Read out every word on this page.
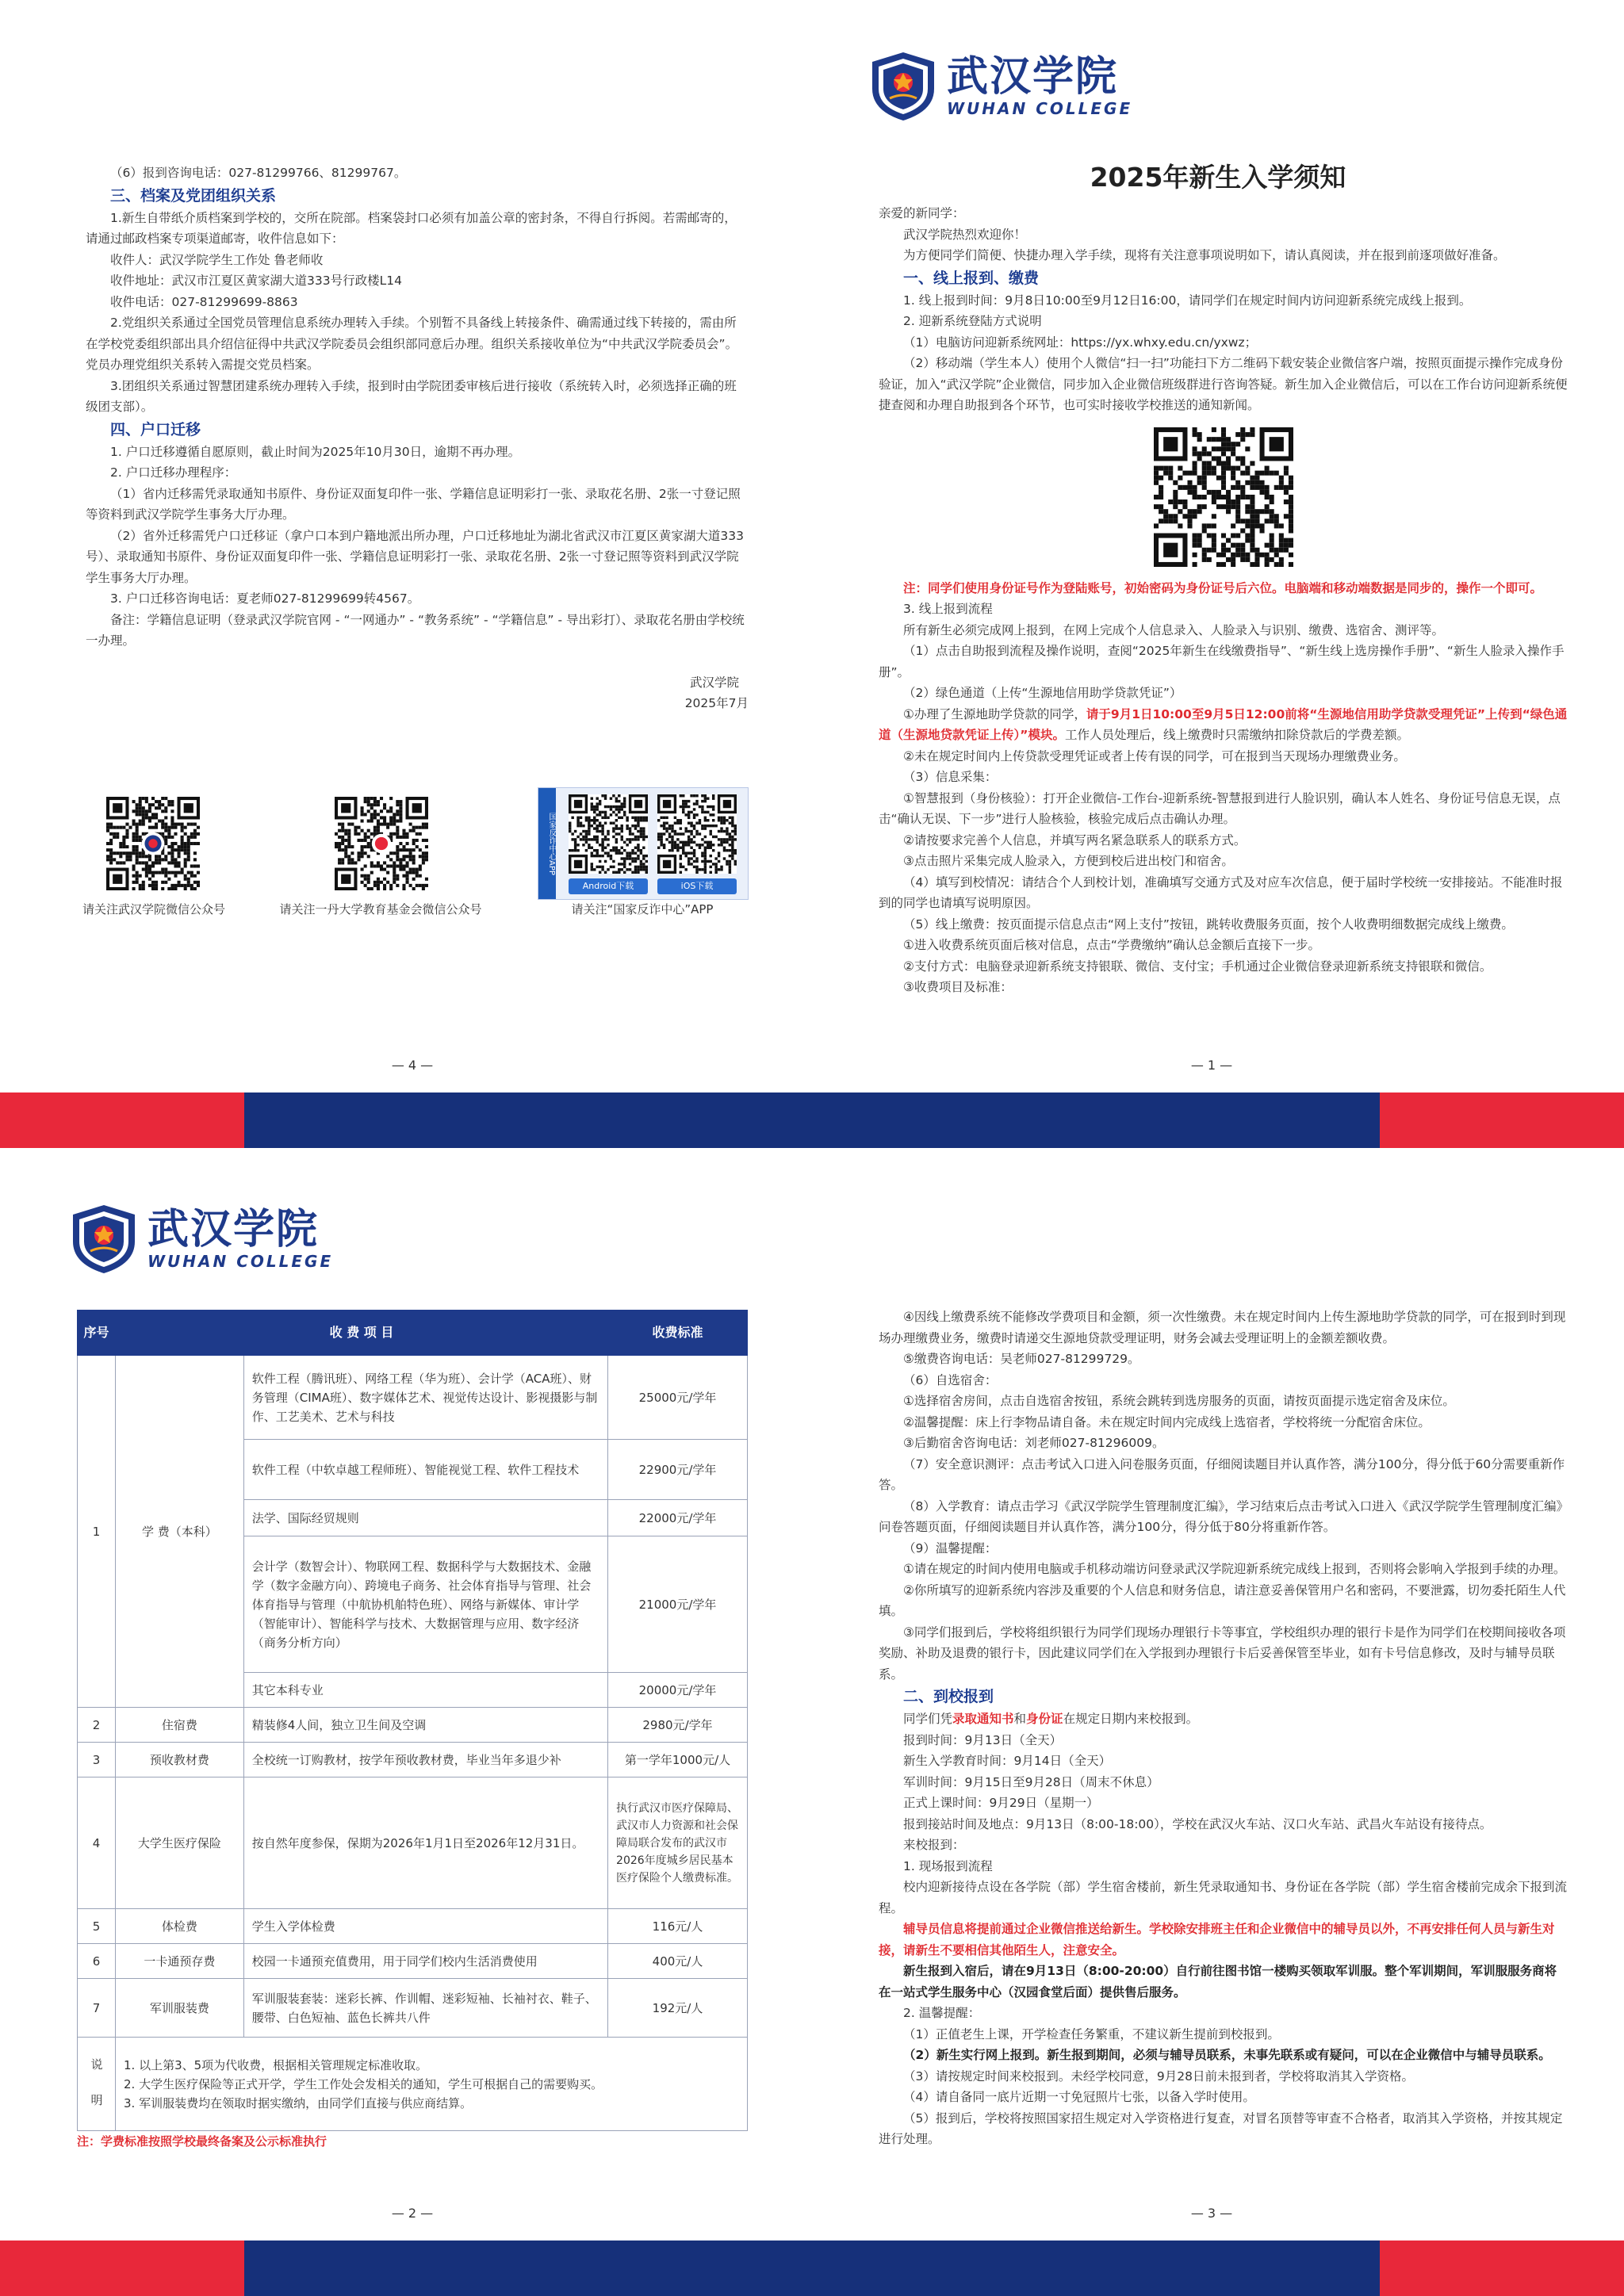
（6）报到咨询电话：027-81299766、81299767。

三、档案及党团组织关系

1.新生自带纸介质档案到学校的，交所在院部。档案袋封口必须有加盖公章的密封条，不得自行拆阅。若需邮寄的，请通过邮政档案专项渠道邮寄，收件信息如下：

收件人：武汉学院学生工作处 鲁老师收

收件地址：武汉市江夏区黄家湖大道333号行政楼L14

收件电话：027-81299699-8863

2.党组织关系通过全国党员管理信息系统办理转入手续。个别暂不具备线上转接条件、确需通过线下转接的，需由所在学校党委组织部出具介绍信征得中共武汉学院委员会组织部同意后办理。组织关系接收单位为“中共武汉学院委员会”。党员办理党组织关系转入需提交党员档案。

3.团组织关系通过智慧团建系统办理转入手续，报到时由学院团委审核后进行接收（系统转入时，必须选择正确的班级团支部）。

四、户口迁移

1. 户口迁移遵循自愿原则，截止时间为2025年10月30日，逾期不再办理。

2. 户口迁移办理程序：

（1）省内迁移需凭录取通知书原件、身份证双面复印件一张、学籍信息证明彩打一张、录取花名册、2张一寸登记照等资料到武汉学院学生事务大厅办理。

（2）省外迁移需凭户口迁移证（拿户口本到户籍地派出所办理，户口迁移地址为湖北省武汉市江夏区黄家湖大道333号）、录取通知书原件、身份证双面复印件一张、学籍信息证明彩打一张、录取花名册、2张一寸登记照等资料到武汉学院学生事务大厅办理。

3. 户口迁移咨询电话：夏老师027-81299699转4567。

备注：学籍信息证明（登录武汉学院官网 - “一网通办” - “教务系统” - “学籍信息” - 导出彩打）、录取花名册由学校统一办理。

武汉学院

2025年7月

请关注武汉学院微信公众号	请关注一丹大学教育基金会微信公众号
国家反诈中心APP
Android下载	iOS下载
请关注“国家反诈中心”APP
— 4 —
武汉学院
WUHAN COLLEGE
2025年新生入学须知

亲爱的新同学：

武汉学院热烈欢迎你！

为方便同学们简便、快捷办理入学手续，现将有关注意事项说明如下，请认真阅读，并在报到前逐项做好准备。

一、线上报到、缴费

1. 线上报到时间：9月8日10:00至9月12日16:00，请同学们在规定时间内访问迎新系统完成线上报到。

2. 迎新系统登陆方式说明

（1）电脑访问迎新系统网址：https://yx.whxy.edu.cn/yxwz；

（2）移动端（学生本人）使用个人微信“扫一扫”功能扫下方二维码下载安装企业微信客户端，按照页面提示操作完成身份验证，加入“武汉学院”企业微信，同步加入企业微信班级群进行咨询答疑。新生加入企业微信后，可以在工作台访问迎新系统便捷查阅和办理自助报到各个环节，也可实时接收学校推送的通知新闻。

注：同学们使用身份证号作为登陆账号，初始密码为身份证号后六位。电脑端和移动端数据是同步的，操作一个即可。

3. 线上报到流程

所有新生必须完成网上报到，在网上完成个人信息录入、人脸录入与识别、缴费、选宿舍、测评等。

（1）点击自助报到流程及操作说明，查阅“2025年新生在线缴费指导”、“新生线上选房操作手册”、“新生人脸录入操作手册”。

（2）绿色通道（上传“生源地信用助学贷款凭证”）

①办理了生源地助学贷款的同学，请于9月1日10:00至9月5日12:00前将“生源地信用助学贷款受理凭证”上传到“绿色通道（生源地贷款凭证上传）”模块。工作人员处理后，线上缴费时只需缴纳扣除贷款后的学费差额。

②未在规定时间内上传贷款受理凭证或者上传有误的同学，可在报到当天现场办理缴费业务。

（3）信息采集：

①智慧报到（身份核验）：打开企业微信-工作台-迎新系统-智慧报到进行人脸识别，确认本人姓名、身份证号信息无误，点击“确认无误、下一步”进行人脸核验，核验完成后点击确认办理。

②请按要求完善个人信息，并填写两名紧急联系人的联系方式。

③点击照片采集完成人脸录入，方便到校后进出校门和宿舍。

（4）填写到校情况：请结合个人到校计划，准确填写交通方式及对应车次信息，便于届时学校统一安排接站。不能准时报到的同学也请填写说明原因。

（5）线上缴费：按页面提示信息点击“网上支付”按钮，跳转收费服务页面，按个人收费明细数据完成线上缴费。

①进入收费系统页面后核对信息，点击“学费缴纳”确认总金额后直接下一步。

②支付方式：电脑登录迎新系统支持银联、微信、支付宝；手机通过企业微信登录迎新系统支持银联和微信。

③收费项目及标准：

— 1 —
武汉学院
WUHAN COLLEGE
序号	收 费 项 目		收费标准
1	学 费（本科）	软件工程（腾讯班）、网络工程（华为班）、会计学（ACA班）、财务管理（CIMA班）、数字媒体艺术、视觉传达设计、影视摄影与制作、工艺美术、艺术与科技	25000元/学年
		软件工程（中软卓越工程师班）、智能视觉工程、软件工程技术	22900元/学年
		法学、国际经贸规则	22000元/学年
		会计学（数智会计）、物联网工程、数据科学与大数据技术、金融学（数字金融方向）、跨境电子商务、社会体育指导与管理、社会体育指导与管理（中航协机舶特色班）、网络与新媒体、审计学（智能审计）、智能科学与技术、大数据管理与应用、数字经济（商务分析方向）	21000元/学年
		其它本科专业	20000元/学年
2	住宿费	精装修4人间，独立卫生间及空调	2980元/学年
3	预收教材费	全校统一订购教材，按学年预收教材费，毕业当年多退少补	第一学年1000元/人
4	大学生医疗保险	按自然年度参保，保期为2026年1月1日至2026年12月31日。	执行武汉市医疗保障局、武汉市人力资源和社会保障局联合发布的武汉市2026年度城乡居民基本医疗保险个人缴费标准。
5	体检费	学生入学体检费	116元/人
6	一卡通预存费	校园一卡通预充值费用，用于同学们校内生活消费使用	400元/人
7	军训服装费	军训服装套装：迷彩长裤、作训帽、迷彩短袖、长袖衬衣、鞋子、腰带、白色短袖、蓝色长裤共八件	192元/人
说 明	1. 以上第3、5项为代收费，根据相关管理规定标准收取。
2. 大学生医疗保险等正式开学，学生工作处会发相关的通知，学生可根据自己的需要购买。
3. 军训服装费均在领取时据实缴纳，由同学们直接与供应商结算。		
注：学费标准按照学校最终备案及公示标准执行
— 2 —

④因线上缴费系统不能修改学费项目和金额，须一次性缴费。未在规定时间内上传生源地助学贷款的同学，可在报到时到现场办理缴费业务，缴费时请递交生源地贷款受理证明，财务会减去受理证明上的金额差额收费。

⑤缴费咨询电话：吴老师027-81299729。

（6）自选宿舍：

①选择宿舍房间，点击自选宿舍按钮，系统会跳转到选房服务的页面，请按页面提示选定宿舍及床位。

②温馨提醒：床上行李物品请自备。未在规定时间内完成线上选宿者，学校将统一分配宿舍床位。

③后勤宿舍咨询电话：刘老师027-81296009。

（7）安全意识测评：点击考试入口进入问卷服务页面，仔细阅读题目并认真作答，满分100分，得分低于60分需要重新作答。

（8）入学教育：请点击学习《武汉学院学生管理制度汇编》，学习结束后点击考试入口进入《武汉学院学生管理制度汇编》问卷答题页面，仔细阅读题目并认真作答，满分100分，得分低于80分将重新作答。

（9）温馨提醒：

①请在规定的时间内使用电脑或手机移动端访问登录武汉学院迎新系统完成线上报到，否则将会影响入学报到手续的办理。

②你所填写的迎新系统内容涉及重要的个人信息和财务信息，请注意妥善保管用户名和密码，不要泄露，切勿委托陌生人代填。

③同学们报到后，学校将组织银行为同学们现场办理银行卡等事宜，学校组织办理的银行卡是作为同学们在校期间接收各项奖励、补助及退费的银行卡，因此建议同学们在入学报到办理银行卡后妥善保管至毕业，如有卡号信息修改，及时与辅导员联系。

二、到校报到

同学们凭录取通知书和身份证在规定日期内来校报到。

报到时间：9月13日（全天）

新生入学教育时间：9月14日（全天）

军训时间：9月15日至9月28日（周末不休息）

正式上课时间：9月29日（星期一）

报到接站时间及地点：9月13日（8:00-18:00），学校在武汉火车站、汉口火车站、武昌火车站设有接待点。

来校报到：

1. 现场报到流程

校内迎新接待点设在各学院（部）学生宿舍楼前，新生凭录取通知书、身份证在各学院（部）学生宿舍楼前完成余下报到流程。

辅导员信息将提前通过企业微信推送给新生。学校除安排班主任和企业微信中的辅导员以外，不再安排任何人员与新生对接，请新生不要相信其他陌生人，注意安全。

新生报到入宿后，请在9月13日（8:00-20:00）自行前往图书馆一楼购买领取军训服。整个军训期间，军训服服务商将在一站式学生服务中心（汉园食堂后面）提供售后服务。

2. 温馨提醒：

（1）正值老生上课，开学检查任务繁重，不建议新生提前到校报到。

（2）新生实行网上报到。新生报到期间，必须与辅导员联系，未事先联系或有疑问，可以在企业微信中与辅导员联系。

（3）请按规定时间来校报到。未经学校同意，9月28日前未报到者，学校将取消其入学资格。

（4）请自备同一底片近期一寸免冠照片七张，以备入学时使用。

（5）报到后，学校将按照国家招生规定对入学资格进行复查，对冒名顶替等审查不合格者，取消其入学资格，并按其规定进行处理。

— 3 —
